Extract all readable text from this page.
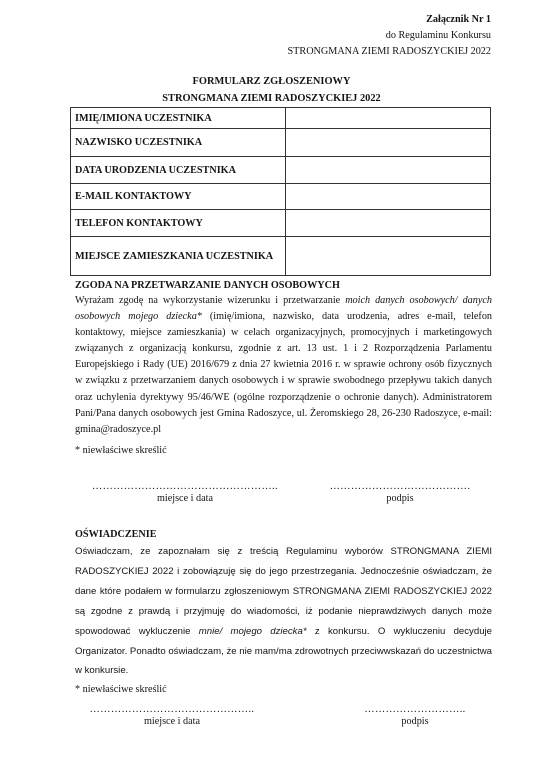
Załącznik Nr 1
do Regulaminu Konkursu
STRONGMANA ZIEMI RADOSZYCKIEJ 2022
FORMULARZ ZGŁOSZENIOWY
STRONGMANA ZIEMI RADOSZYCKIEJ 2022
IMIĘ/IMIONA UCZESTNIKA	
NAZWISKO UCZESTNIKA	
DATA URODZENIA UCZESTNIKA	
E-MAIL KONTAKTOWY	
TELEFON KONTAKTOWY	
MIEJSCE ZAMIESZKANIA UCZESTNIKA	
ZGODA NA PRZETWARZANIE DANYCH OSOBOWYCH
Wyrażam zgodę na wykorzystanie wizerunku i przetwarzanie moich danych osobowych/ danych osobowych mojego dziecka* (imię/imiona, nazwisko, data urodzenia, adres e-mail, telefon kontaktowy, miejsce zamieszkania) w celach organizacyjnych, promocyjnych i marketingowych związanych z organizacją konkursu, zgodnie z art. 13 ust. 1 i 2 Rozporządzenia Parlamentu Europejskiego i Rady (UE) 2016/679 z dnia 27 kwietnia 2016 r. w sprawie ochrony osób fizycznych w związku z przetwarzaniem danych osobowych i w sprawie swobodnego przepływu takich danych oraz uchylenia dyrektywy 95/46/WE (ogólne rozporządzenie o ochronie danych). Administratorem Pani/Pana danych osobowych jest Gmina Radoszyce, ul. Żeromskiego 28, 26-230 Radoszyce, e-mail: gmina@radoszyce.pl
* niewłaściwe skreślić
……………………………………………..
miejsce i data
………………………………….
podpis
OŚWIADCZENIE
Oświadczam, ze zapoznałam się z treścią Regulaminu wyborów STRONGMANA ZIEMI RADOSZYCKIEJ 2022 i zobowiązuję się do jego przestrzegania. Jednocześnie oświadczam, że dane które podałem w formularzu zgłoszeniowym STRONGMANA ZIEMI RADOSZYCKIEJ 2022 są zgodne z prawdą i przyjmuję do wiadomości, iż podanie nieprawdziwych danych może spowodować wykluczenie mnie/ mojego dziecka* z konkursu. O wykluczeniu decyduje Organizator. Ponadto oświadczam, że nie mam/ma zdrowotnych przeciwwskazań do uczestnictwa w konkursie.
* niewłaściwe skreślić
………………………………………..
miejsce i data
………………………..
podpis
